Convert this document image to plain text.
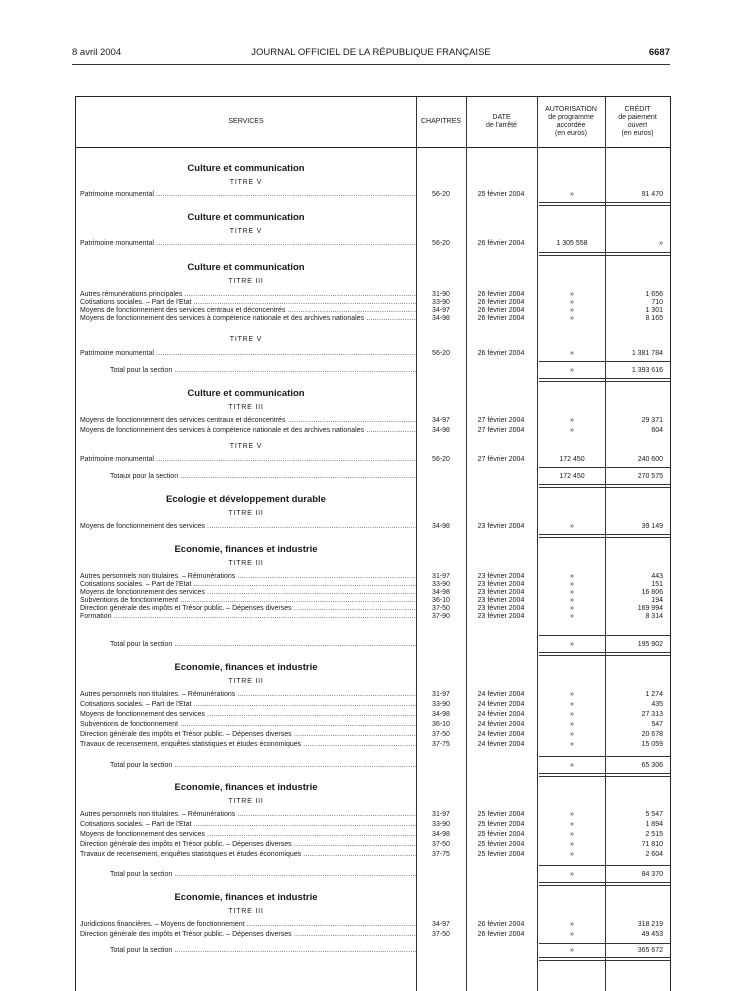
8 avril 2004	JOURNAL OFFICIEL DE LA RÉPUBLIQUE FRANÇAISE	6687
SERVICES	CHAPITRES
DATE
de l'arrêté
AUTORISATION
de programme
accordée
(en euros)
CRÉDIT
de paiement
ouvert
(en euros)
Culture et communication
TITRE V
Patrimoine monumental .....	56-20	25 février 2004	»	91 470
Culture et communication
TITRE V
Patrimoine monumental .....	56-20	26 février 2004	1 305 558	»
Culture et communication
TITRE III
Autres rémunérations principales .....	31-90	26 février 2004	»	1 656
Cotisations sociales. – Part de l'Etat .....	33-90	26 février 2004	»	710
Moyens de fonctionnement des services centraux et déconcentrés .....	34-97	26 février 2004	»	1 301
Moyens de fonctionnement des services à compétence nationale et des archives nationales .....	34-98	26 février 2004	»	8 165
TITRE V
Patrimoine monumental .....	56-20	26 février 2004	»	1 381 784
Total pour la section .....	»	1 393 616
Culture et communication
TITRE III
Moyens de fonctionnement des services centraux et déconcentrés .....	34-97	27 février 2004	»	29 371
Moyens de fonctionnement des services à compétence nationale et des archives nationales .....	34-98	27 février 2004	»	604
TITRE V
Patrimoine monumental .....	56-20	27 février 2004	172 450	240 600
Totaux pour la section .....	172 450	270 575
Ecologie et développement durable
TITRE III
Moyens de fonctionnement des services .....	34-98	23 février 2004	»	39 149
Economie, finances et industrie
TITRE III
Autres personnels non titulaires. – Rémunérations .....	31-97	23 février 2004	»	443
Cotisations sociales. – Part de l'Etat .....	33-90	23 février 2004	»	151
Moyens de fonctionnement des services .....	34-98	23 février 2004	»	16 806
Subventions de fonctionnement .....	36-10	23 février 2004	»	194
Direction générale des impôts et Trésor public. – Dépenses diverses .....	37-50	23 février 2004	»	169 994
Formation .....	37-90	23 février 2004	»	8 314
Total pour la section .....	»	195 902
Economie, finances et industrie
TITRE III
Autres personnels non titulaires. – Rémunérations .....	31-97	24 février 2004	»	1 274
Cotisations sociales. – Part de l'Etat .....	33-90	24 février 2004	»	435
Moyens de fonctionnement des services .....	34-98	24 février 2004	»	27 313
Subventions de fonctionnement .....	36-10	24 février 2004	»	547
Direction générale des impôts et Trésor public. – Dépenses diverses .....	37-50	24 février 2004	»	20 678
Travaux de recensement, enquêtes statistiques et études économiques .....	37-75	24 février 2004	»	15 059
Total pour la section .....	»	65 306
Economie, finances et industrie
TITRE III
Autres personnels non titulaires. – Rémunérations .....	31-97	25 février 2004	»	5 547
Cotisations sociales. – Part de l'Etat .....	33-90	25 février 2004	»	1 894
Moyens de fonctionnement des services .....	34-98	25 février 2004	»	2 515
Direction générale des impôts et Trésor public. – Dépenses diverses .....	37-50	25 février 2004	»	71 810
Travaux de recensement, enquêtes statistiques et études économiques .....	37-75	25 février 2004	»	2 604
Total pour la section .....	»	84 370
Economie, finances et industrie
TITRE III
Juridictions financières. – Moyens de fonctionnement .....	34-97	26 février 2004	»	318 219
Direction générale des impôts et Trésor public. – Dépenses diverses .....	37-50	26 février 2004	»	49 453
Total pour la section .....	»	365 672
